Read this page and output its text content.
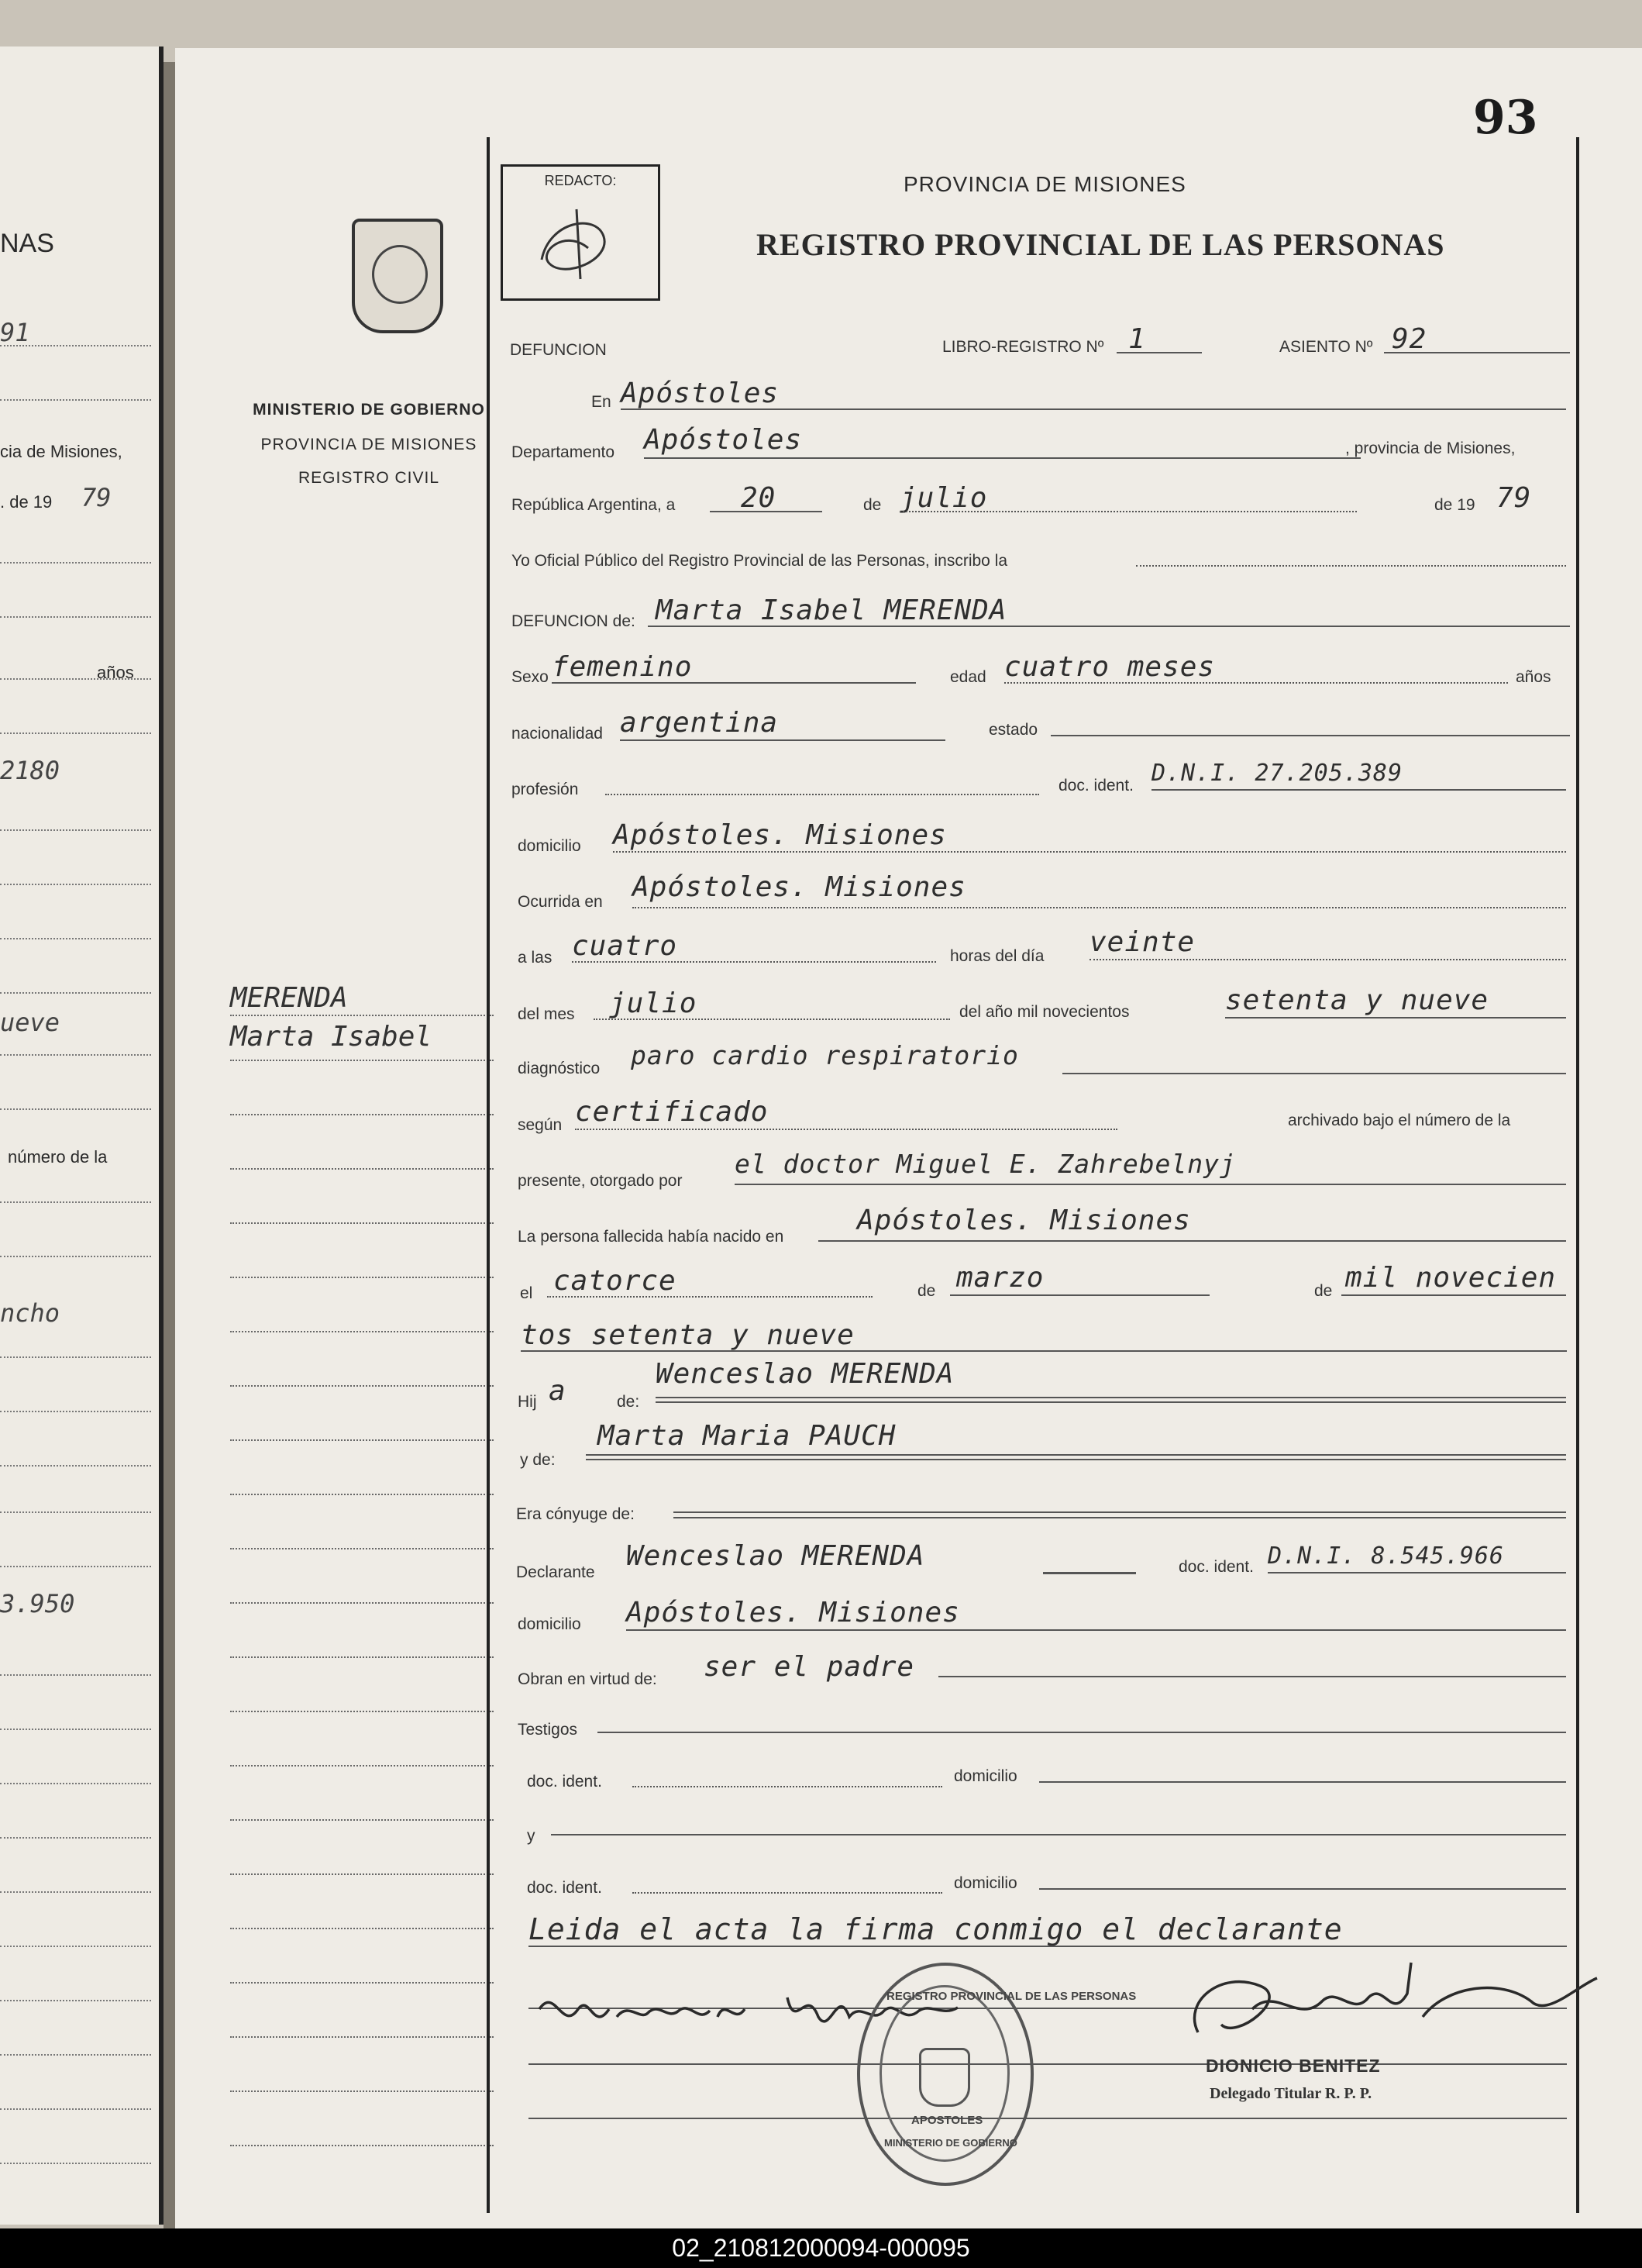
NAS
91
cia de Misiones,
. de 19 79
años
2180
ueve
número de la
ncho
3.950
93
MINISTERIO DE GOBIERNO
PROVINCIA DE MISIONES
REGISTRO CIVIL
MERENDA
Marta Isabel
REDACTO:	PROVINCIA DE MISIONES
REGISTRO PROVINCIAL DE LAS PERSONAS
DEFUNCION	LIBRO-REGISTRO Nº 1	ASIENTO Nº 92
En Apóstoles
Departamento Apóstoles	, provincia de Misiones,
República Argentina, a 20	de julio	de 19 79
Yo Oficial Público del Registro Provincial de las Personas, inscribo la
DEFUNCION de: Marta Isabel MERENDA
Sexo femenino	edad cuatro meses	años
nacionalidad argentina	estado
profesión	doc. ident. D.N.I. 27.205.389
domicilio Apóstoles. Misiones
Ocurrida en Apóstoles. Misiones
a las cuatro	horas del día veinte
del mes julio	del año mil novecientos	setenta y nueve
diagnóstico paro cardio respiratorio
según certificado	archivado bajo el número de la
presente, otorgado por
el doctor Miguel E. Zahrebelnyj
La persona fallecida había nacido en
Apóstoles. Misiones
el catorce	de marzo	de mil novecien
tos setenta y nueve
Hij a	de:
Wenceslao MERENDA
y de:
Marta Maria PAUCH
Era cónyuge de:
Declarante
Wenceslao MERENDA	doc. ident. D.N.I. 8.545.966
domicilio Apóstoles. Misiones
Obran en virtud de: ser el padre
Testigos
doc. ident.	domicilio
y
doc. ident.	domicilio
Leida el acta la firma conmigo el declarante
DIONICIO BENITEZ
Delegado Titular R. P. P.
REGISTRO PROVINCIAL DE LAS PERSONAS
APOSTOLES
MINISTERIO DE GOBIERNO
02_210812000094-000095
